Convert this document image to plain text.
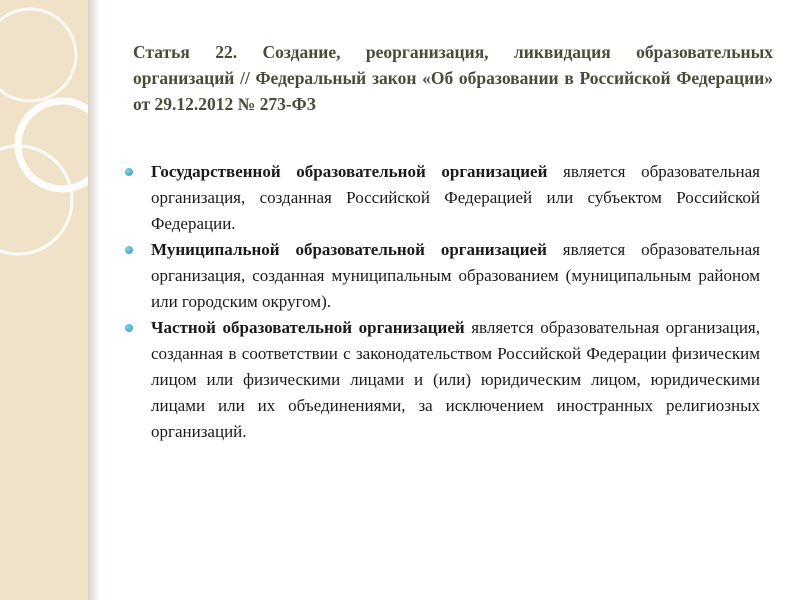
Статья 22. Создание, реорганизация, ликвидация образовательных организаций // Федеральный закон «Об образовании в Российской Федерации» от 29.12.2012 № 273-ФЗ
Государственной образовательной организацией является образовательная организация, созданная Российской Федерацией или субъектом Российской Федерации.
Муниципальной образовательной организацией является образовательная организация, созданная муниципальным образованием (муниципальным районом или городским округом).
Частной образовательной организацией является образовательная организация, созданная в соответствии с законодательством Российской Федерации физическим лицом или физическими лицами и (или) юридическим лицом, юридическими лицами или их объединениями, за исключением иностранных религиозных организаций.
